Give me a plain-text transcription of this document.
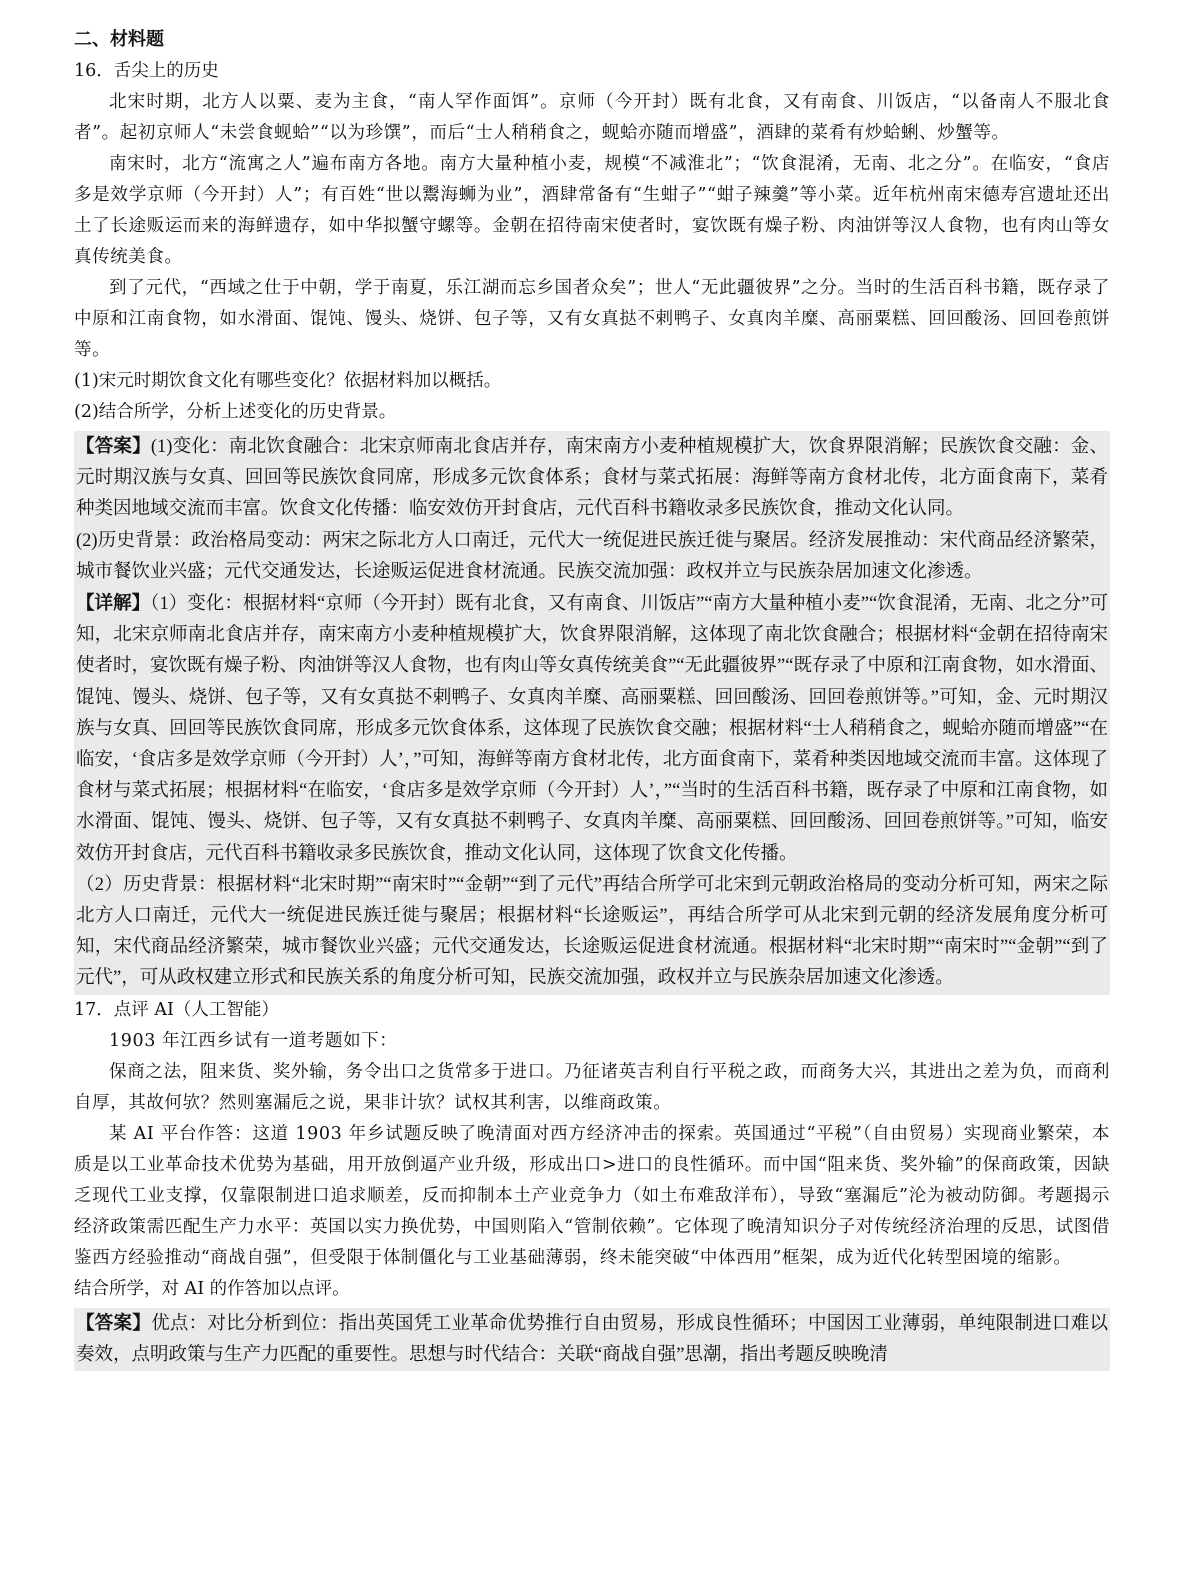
二、材料题

16．舌尖上的历史

北宋时期，北方人以粟、麦为主食，“南人罕作面饵”。京师（今开封）既有北食，又有南食、川饭店，“以备南人不服北食者”。起初京师人“未尝食蚬蛤”“以为珍馔”，而后“士人稍稍食之，蚬蛤亦随而增盛”，酒肆的菜肴有炒蛤蜊、炒蟹等。

南宋时，北方“流寓之人”遍布南方各地。南方大量种植小麦，规模“不减淮北”；“饮食混淆，无南、北之分”。在临安，“食店多是效学京师（今开封）人”；有百姓“世以鬻海蛳为业”，酒肆常备有“生蚶子”“蚶子辣羹”等小菜。近年杭州南宋德寿宫遗址还出土了长途贩运而来的海鲜遗存，如中华拟蟹守螺等。金朝在招待南宋使者时，宴饮既有燥子粉、肉油饼等汉人食物，也有肉山等女真传统美食。

到了元代，“西域之仕于中朝，学于南夏，乐江湖而忘乡国者众矣”；世人“无此疆彼界”之分。当时的生活百科书籍，既存录了中原和江南食物，如水滑面、馄饨、馒头、烧饼、包子等，又有女真挞不剌鸭子、女真肉羊糜、高丽粟糕、回回酸汤、回回卷煎饼等。

(1)宋元时期饮食文化有哪些变化？依据材料加以概括。

(2)结合所学，分析上述变化的历史背景。

【答案】(1)变化：南北饮食融合：北宋京师南北食店并存，南宋南方小麦种植规模扩大，饮食界限消解；民族饮食交融：金、元时期汉族与女真、回回等民族饮食同席，形成多元饮食体系；食材与菜式拓展：海鲜等南方食材北传，北方面食南下，菜肴种类因地域交流而丰富。饮食文化传播：临安效仿开封食店，元代百科书籍收录多民族饮食，推动文化认同。

(2)历史背景：政治格局变动：两宋之际北方人口南迁，元代大一统促进民族迁徙与聚居。经济发展推动：宋代商品经济繁荣，城市餐饮业兴盛；元代交通发达，长途贩运促进食材流通。民族交流加强：政权并立与民族杂居加速文化渗透。

【详解】（1）变化：根据材料“京师（今开封）既有北食，又有南食、川饭店”“南方大量种植小麦”“饮食混淆，无南、北之分”可知，北宋京师南北食店并存，南宋南方小麦种植规模扩大，饮食界限消解，这体现了南北饮食融合；根据材料“金朝在招待南宋使者时，宴饮既有燥子粉、肉油饼等汉人食物，也有肉山等女真传统美食”“无此疆彼界”“既存录了中原和江南食物，如水滑面、馄饨、馒头、烧饼、包子等，又有女真挞不剌鸭子、女真肉羊糜、高丽粟糕、回回酸汤、回回卷煎饼等。”可知，金、元时期汉族与女真、回回等民族饮食同席，形成多元饮食体系，这体现了民族饮食交融；根据材料“士人稍稍食之，蚬蛤亦随而增盛”“在临安，‘食店多是效学京师（今开封）人’，”可知，海鲜等南方食材北传，北方面食南下，菜肴种类因地域交流而丰富。这体现了食材与菜式拓展；根据材料“在临安，‘食店多是效学京师（今开封）人’，”“当时的生活百科书籍，既存录了中原和江南食物，如水滑面、馄饨、馒头、烧饼、包子等，又有女真挞不剌鸭子、女真肉羊糜、高丽粟糕、回回酸汤、回回卷煎饼等。”可知，临安效仿开封食店，元代百科书籍收录多民族饮食，推动文化认同，这体现了饮食文化传播。

（2）历史背景：根据材料“北宋时期”“南宋时”“金朝”“到了元代”再结合所学可北宋到元朝政治格局的变动分析可知，两宋之际北方人口南迁，元代大一统促进民族迁徙与聚居；根据材料“长途贩运”，再结合所学可从北宋到元朝的经济发展角度分析可知，宋代商品经济繁荣，城市餐饮业兴盛；元代交通发达，长途贩运促进食材流通。根据材料“北宋时期”“南宋时”“金朝”“到了元代”，可从政权建立形式和民族关系的角度分析可知，民族交流加强，政权并立与民族杂居加速文化渗透。

17．点评 AI（人工智能）

1903 年江西乡试有一道考题如下：

保商之法，阻来货、奖外输，务令出口之货常多于进口。乃征诸英吉利自行平税之政，而商务大兴，其进出之差为负，而商利自厚，其故何欤？然则塞漏卮之说，果非计欤？试权其利害，以维商政策。

某 AI 平台作答：这道 1903 年乡试题反映了晚清面对西方经济冲击的探索。英国通过“平税”（自由贸易）实现商业繁荣，本质是以工业革命技术优势为基础，用开放倒逼产业升级，形成出口>进口的良性循环。而中国“阻来货、奖外输”的保商政策，因缺乏现代工业支撑，仅靠限制进口追求顺差，反而抑制本土产业竞争力（如土布难敌洋布），导致“塞漏卮”沦为被动防御。考题揭示经济政策需匹配生产力水平：英国以实力换优势，中国则陷入“管制依赖”。它体现了晚清知识分子对传统经济治理的反思，试图借鉴西方经验推动“商战自强”，但受限于体制僵化与工业基础薄弱，终未能突破“中体西用”框架，成为近代化转型困境的缩影。

结合所学，对 AI 的作答加以点评。

【答案】优点：对比分析到位：指出英国凭工业革命优势推行自由贸易，形成良性循环；中国因工业薄弱，单纯限制进口难以奏效，点明政策与生产力匹配的重要性。思想与时代结合：关联“商战自强”思潮，指出考题反映晚清
